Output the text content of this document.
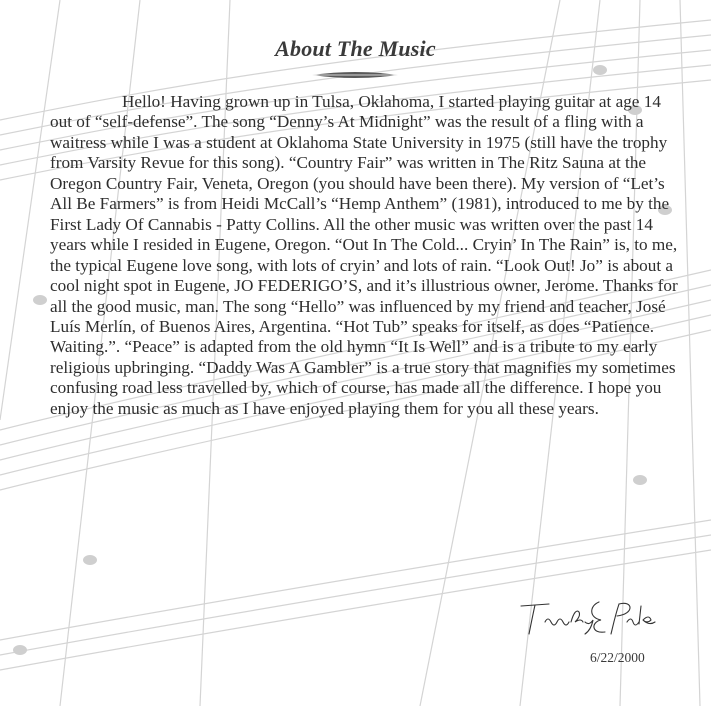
About The Music

Hello! Having grown up in Tulsa, Oklahoma, I started playing guitar at age 14 out of “self-defense”. The song “Denny’s At Midnight” was the result of a fling with a waitress while I was a student at Oklahoma State University in 1975 (still have the trophy from Varsity Revue for this song). “Country Fair” was written in The Ritz Sauna at the Oregon Country Fair, Veneta, Oregon (you should have been there). My version of “Let’s All Be Farmers” is from Heidi McCall’s “Hemp Anthem” (1981), introduced to me by the First Lady Of Cannabis - Patty Collins. All the other music was written over the past 14 years while I resided in Eugene, Oregon. “Out In The Cold... Cryin’ In The Rain” is, to me, the typical Eugene love song, with lots of cryin’ and lots of rain. “Look Out! Jo” is about a cool night spot in Eugene, JO FEDERIGO’S, and it’s illustrious owner, Jerome. Thanks for all the good music, man. The song “Hello” was influenced by my friend and teacher, José Luís Merlín, of Buenos Aires, Argentina. “Hot Tub” speaks for itself, as does “Patience. Waiting.”. “Peace” is adapted from the old hymn “It Is Well” and is a tribute to my early religious upbringing. “Daddy Was A Gambler” is a true story that magnifies my sometimes confusing road less travelled by, which of course, has made all the difference. I hope you enjoy the music as much as I have enjoyed playing them for you all these years.

6/22/2000
